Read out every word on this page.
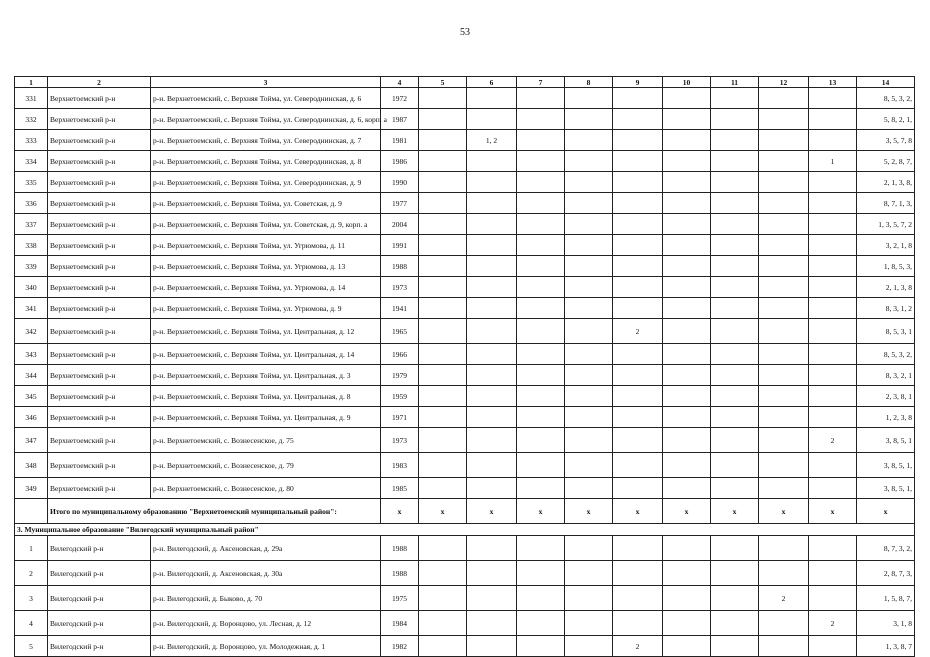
53
1	2	3	4	5	6	7	8	9	10	11	12	13	14
331	Верхнетоемский р-н	р-н. Верхнетоемский, с. Верхняя Тойма, ул. Североднинская, д. 6	1972										8, 5, 3, 2,
332	Верхнетоемский р-н	р-н. Верхнетоемский, с. Верхняя Тойма, ул. Североднинская, д. 6, корп. а	1987										5, 8, 2, 1,
333	Верхнетоемский р-н	р-н. Верхнетоемский, с. Верхняя Тойма, ул. Североднинская, д. 7	1981		1, 2								3, 5, 7, 8
334	Верхнетоемский р-н	р-н. Верхнетоемский, с. Верхняя Тойма, ул. Североднинская, д. 8	1986									1	5, 2, 8, 7,
335	Верхнетоемский р-н	р-н. Верхнетоемский, с. Верхняя Тойма, ул. Североднинская, д. 9	1990										2, 1, 3, 8,
336	Верхнетоемский р-н	р-н. Верхнетоемский, с. Верхняя Тойма, ул. Советская, д. 9	1977										8, 7, 1, 3,
337	Верхнетоемский р-н	р-н. Верхнетоемский, с. Верхняя Тойма, ул. Советская, д. 9, корп. а	2004										1, 3, 5, 7, 2
338	Верхнетоемский р-н	р-н. Верхнетоемский, с. Верхняя Тойма, ул. Угрюмова, д. 11	1991										3, 2, 1, 8
339	Верхнетоемский р-н	р-н. Верхнетоемский, с. Верхняя Тойма, ул. Угрюмова, д. 13	1988										1, 8, 5, 3,
340	Верхнетоемский р-н	р-н. Верхнетоемский, с. Верхняя Тойма, ул. Угрюмова, д. 14	1973										2, 1, 3, 8
341	Верхнетоемский р-н	р-н. Верхнетоемский, с. Верхняя Тойма, ул. Угрюмова, д. 9	1941										8, 3, 1, 2
342	Верхнетоемский р-н	р-н. Верхнетоемский, с. Верхняя Тойма, ул. Центральная, д. 12	1965					2					8, 5, 3, 1
343	Верхнетоемский р-н	р-н. Верхнетоемский, с. Верхняя Тойма, ул. Центральная, д. 14	1966										8, 5, 3, 2,
344	Верхнетоемский р-н	р-н. Верхнетоемский, с. Верхняя Тойма, ул. Центральная, д. 3	1979										8, 3, 2, 1
345	Верхнетоемский р-н	р-н. Верхнетоемский, с. Верхняя Тойма, ул. Центральная, д. 8	1959										2, 3, 8, 1
346	Верхнетоемский р-н	р-н. Верхнетоемский, с. Верхняя Тойма, ул. Центральная, д. 9	1971										1, 2, 3, 8
347	Верхнетоемский р-н	р-н. Верхнетоемский, с. Вознесенское, д. 75	1973									2	3, 8, 5, 1
348	Верхнетоемский р-н	р-н. Верхнетоемский, с. Вознесенское, д. 79	1983										3, 8, 5, 1,
349	Верхнетоемский р-н	р-н. Верхнетоемский, с. Вознесенское, д. 80	1985										3, 8, 5, 1,
	Итого по муниципальному образованию "Верхнетоемский муниципальный район":		х	х	х	х	х	х	х	х	х	х	х
3. Муниципальное образование "Вилегодский муниципальный район"													
1	Вилегодский р-н	р-н. Вилегодский, д. Аксеновская, д. 29а	1988										8, 7, 3, 2,
2	Вилегодский р-н	р-н. Вилегодский, д. Аксеновская, д. 30а	1988										2, 8, 7, 3,
3	Вилегодский р-н	р-н. Вилегодский, д. Быково, д. 70	1975								2		1, 5, 8, 7,
4	Вилегодский р-н	р-н. Вилегодский, д. Воронцово, ул. Лесная, д. 12	1984									2	3, 1, 8
5	Вилегодский р-н	р-н. Вилегодский, д. Воронцово, ул. Молодежная, д. 1	1982					2					1, 3, 8, 7
